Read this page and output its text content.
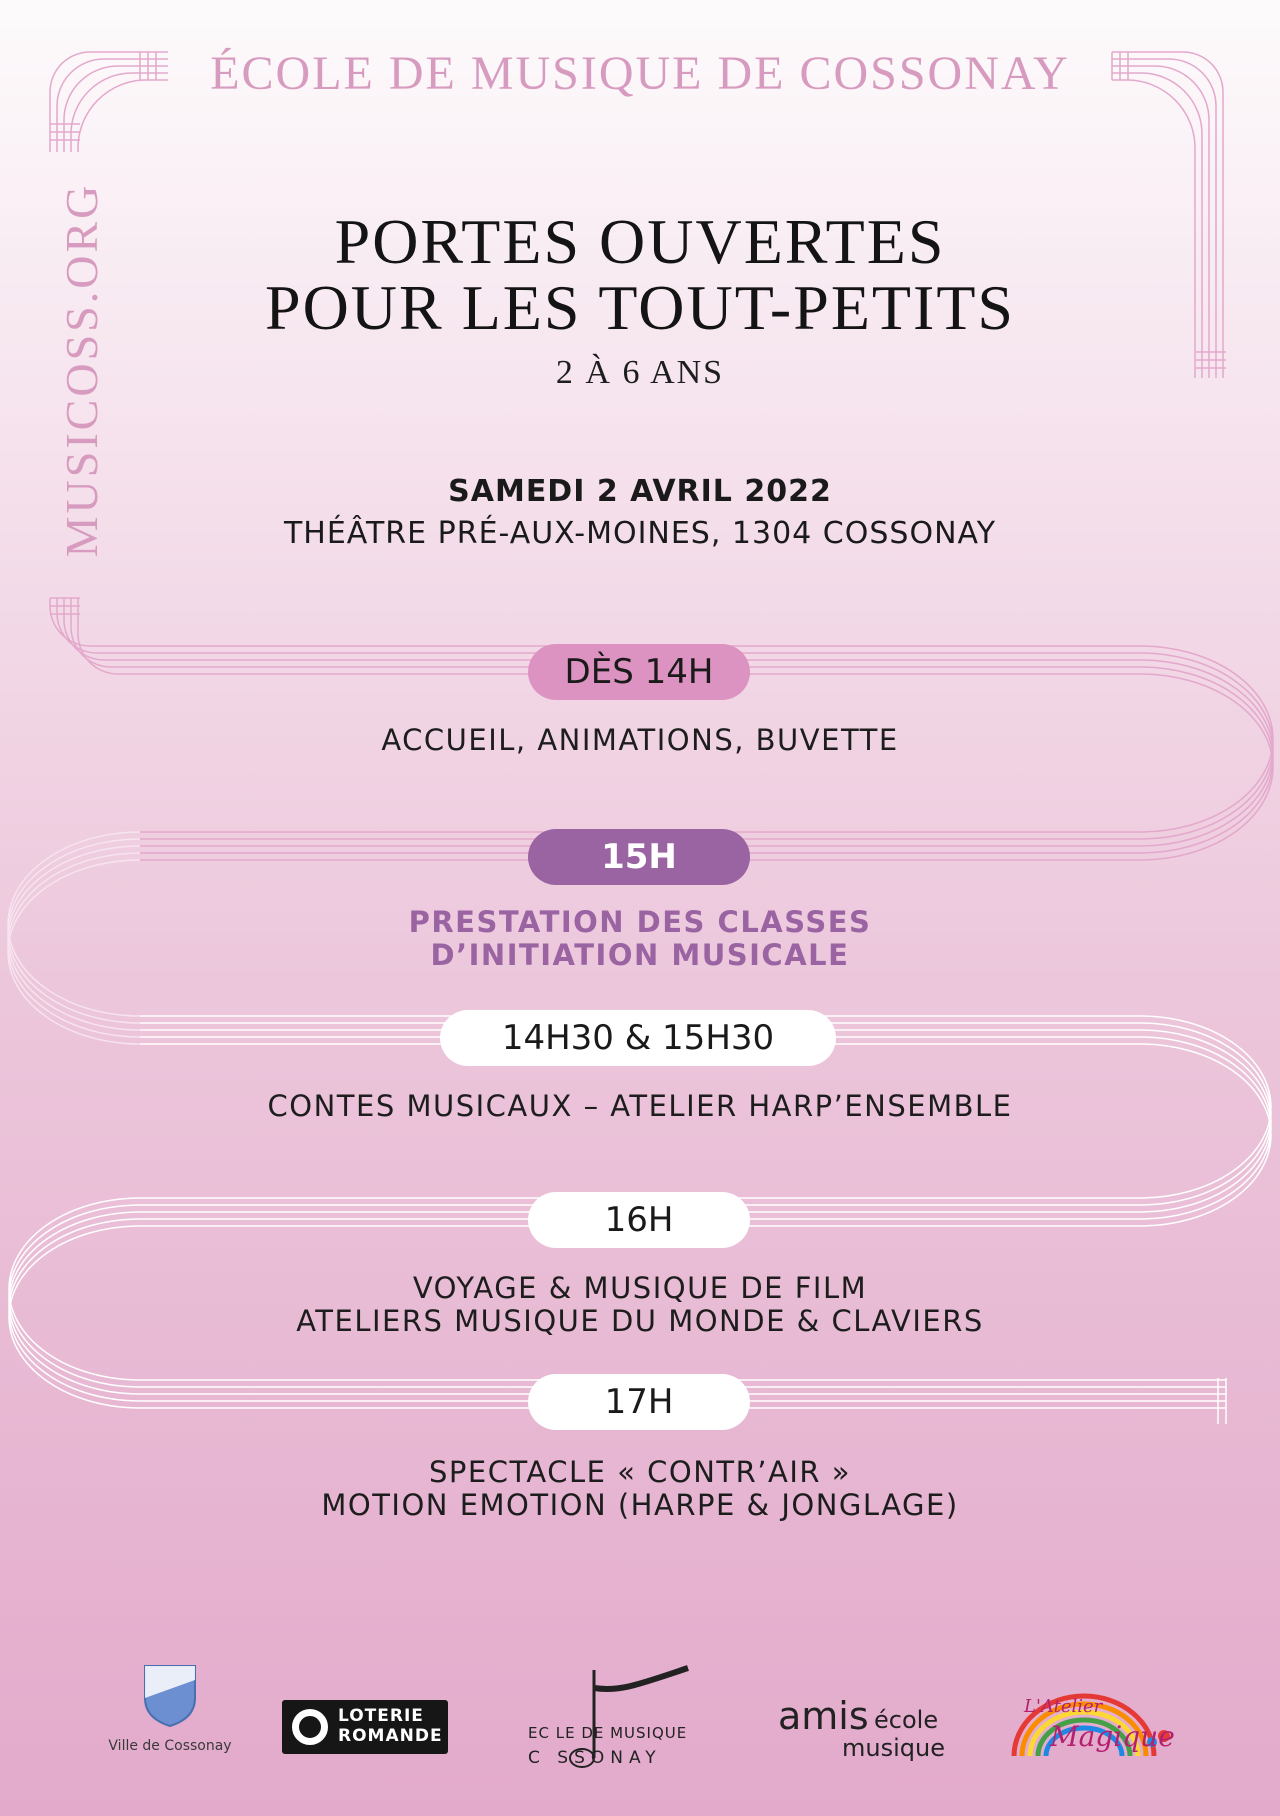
ÉCOLE DE MUSIQUE DE COSSONAY
MUSICOSS.ORG	PORTES OUVERTES
POUR LES TOUT-PETITS
2 À 6 ANS
SAMEDI 2 AVRIL 2022
THÉÂTRE PRÉ-AUX-MOINES, 1304 COSSONAY
DÈS 14H
ACCUEIL, ANIMATIONS, BUVETTE
15H
PRESTATION DES CLASSES
D’INITIATION MUSICALE
14H30 & 15H30
CONTES MUSICAUX – ATELIER HARP’ENSEMBLE
16H
VOYAGE & MUSIQUE DE FILM
ATELIERS MUSIQUE DU MONDE & CLAVIERS
17H
SPECTACLE « CONTR’AIR »
MOTION EMOTION (HARPE & JONGLAGE)
Ville de Cossonay
LOTERIE
ROMANDE	EC LE DE MUSIQUE
C SSONAY
amis école
musique
L'Atelier
Magique
